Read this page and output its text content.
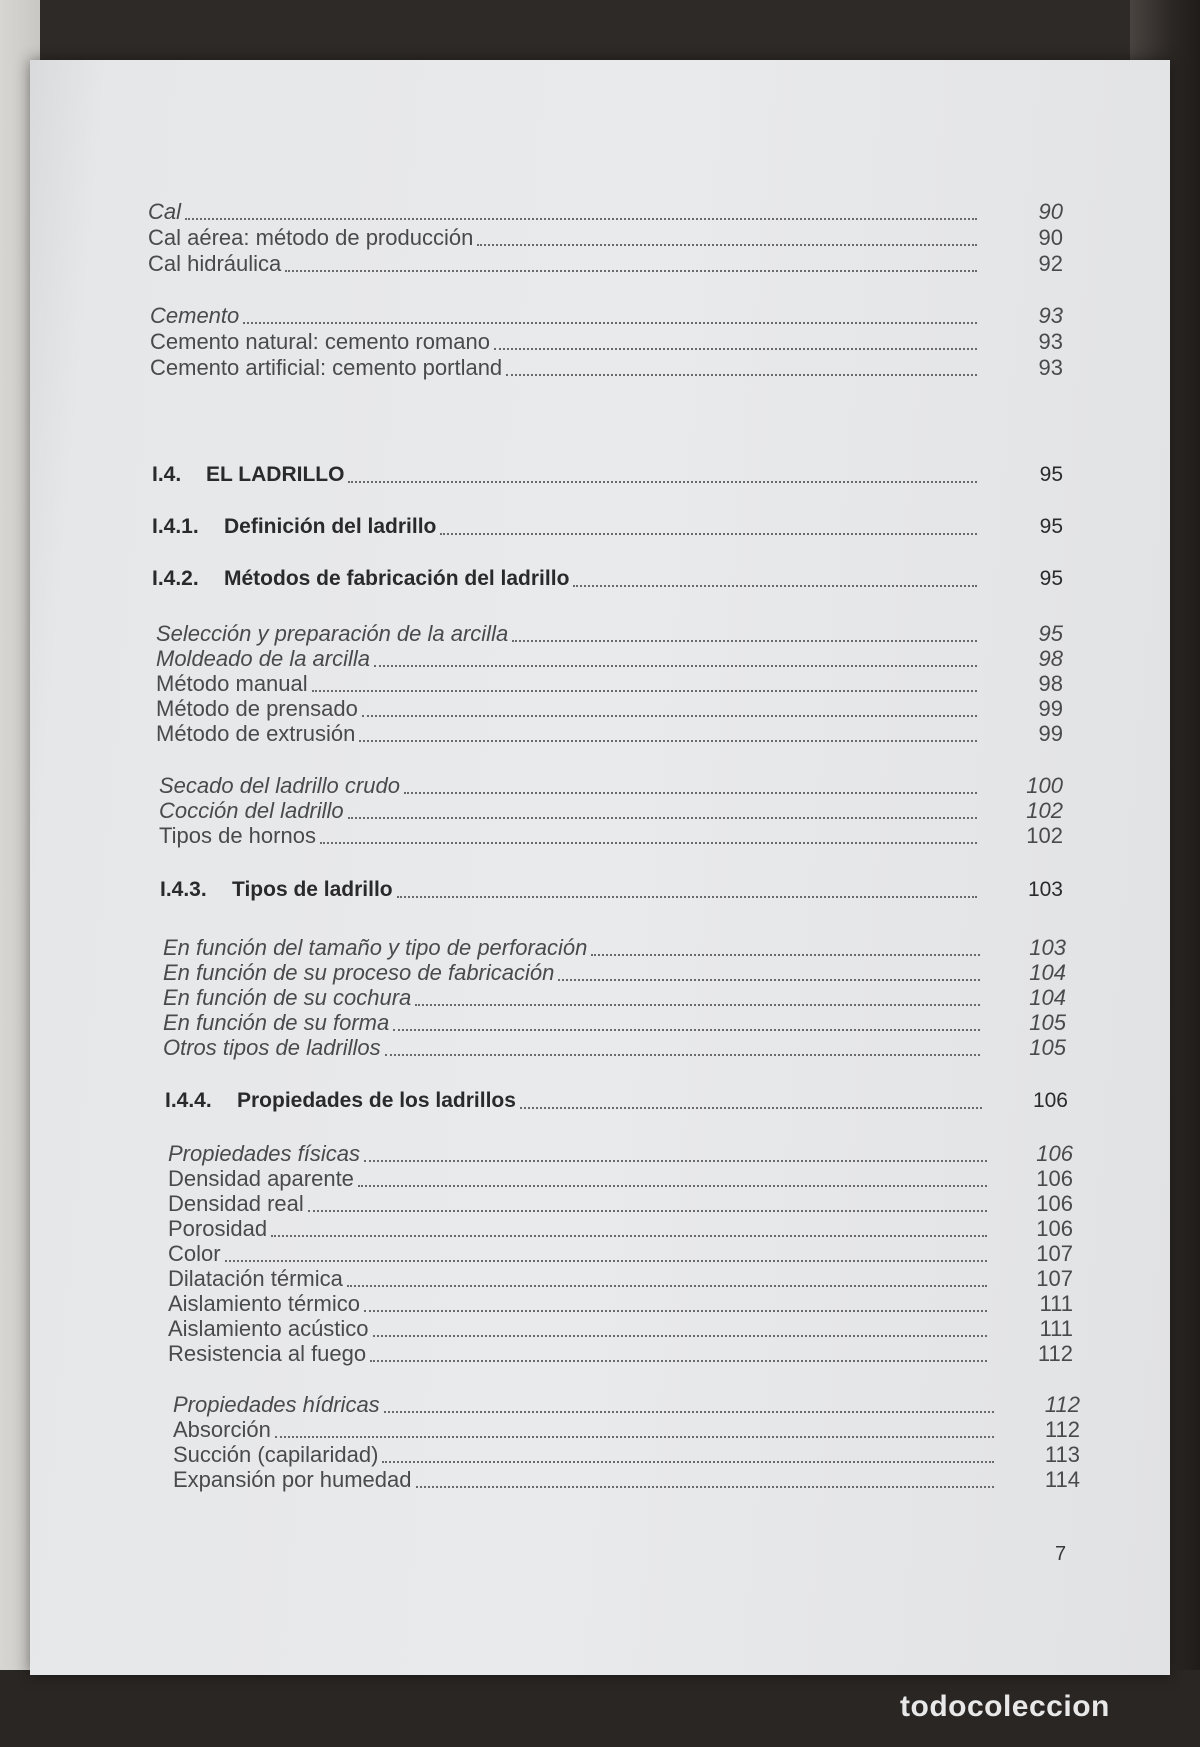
Cal	90
Cal aérea: método de producción	90
Cal hidráulica	92
Cemento	93
Cemento natural: cemento romano	93
Cemento artificial: cemento portland	93
I.4. EL LADRILLO	95
I.4.1. Definición del ladrillo	95
I.4.2. Métodos de fabricación del ladrillo	95
Selección y preparación de la arcilla	95
Moldeado de la arcilla	98
Método manual	98
Método de prensado	99
Método de extrusión	99
Secado del ladrillo crudo	100
Cocción del ladrillo	102
Tipos de hornos	102
I.4.3. Tipos de ladrillo	103
En función del tamaño y tipo de perforación	103
En función de su proceso de fabricación	104
En función de su cochura	104
En función de su forma	105
Otros tipos de ladrillos	105
I.4.4. Propiedades de los ladrillos	106
Propiedades físicas	106
Densidad aparente	106
Densidad real	106
Porosidad	106
Color	107
Dilatación térmica	107
Aislamiento térmico	111
Aislamiento acústico	111
Resistencia al fuego	112
Propiedades hídricas	112
Absorción	112
Succión (capilaridad)	113
Expansión por humedad	114
7
todocoleccion
